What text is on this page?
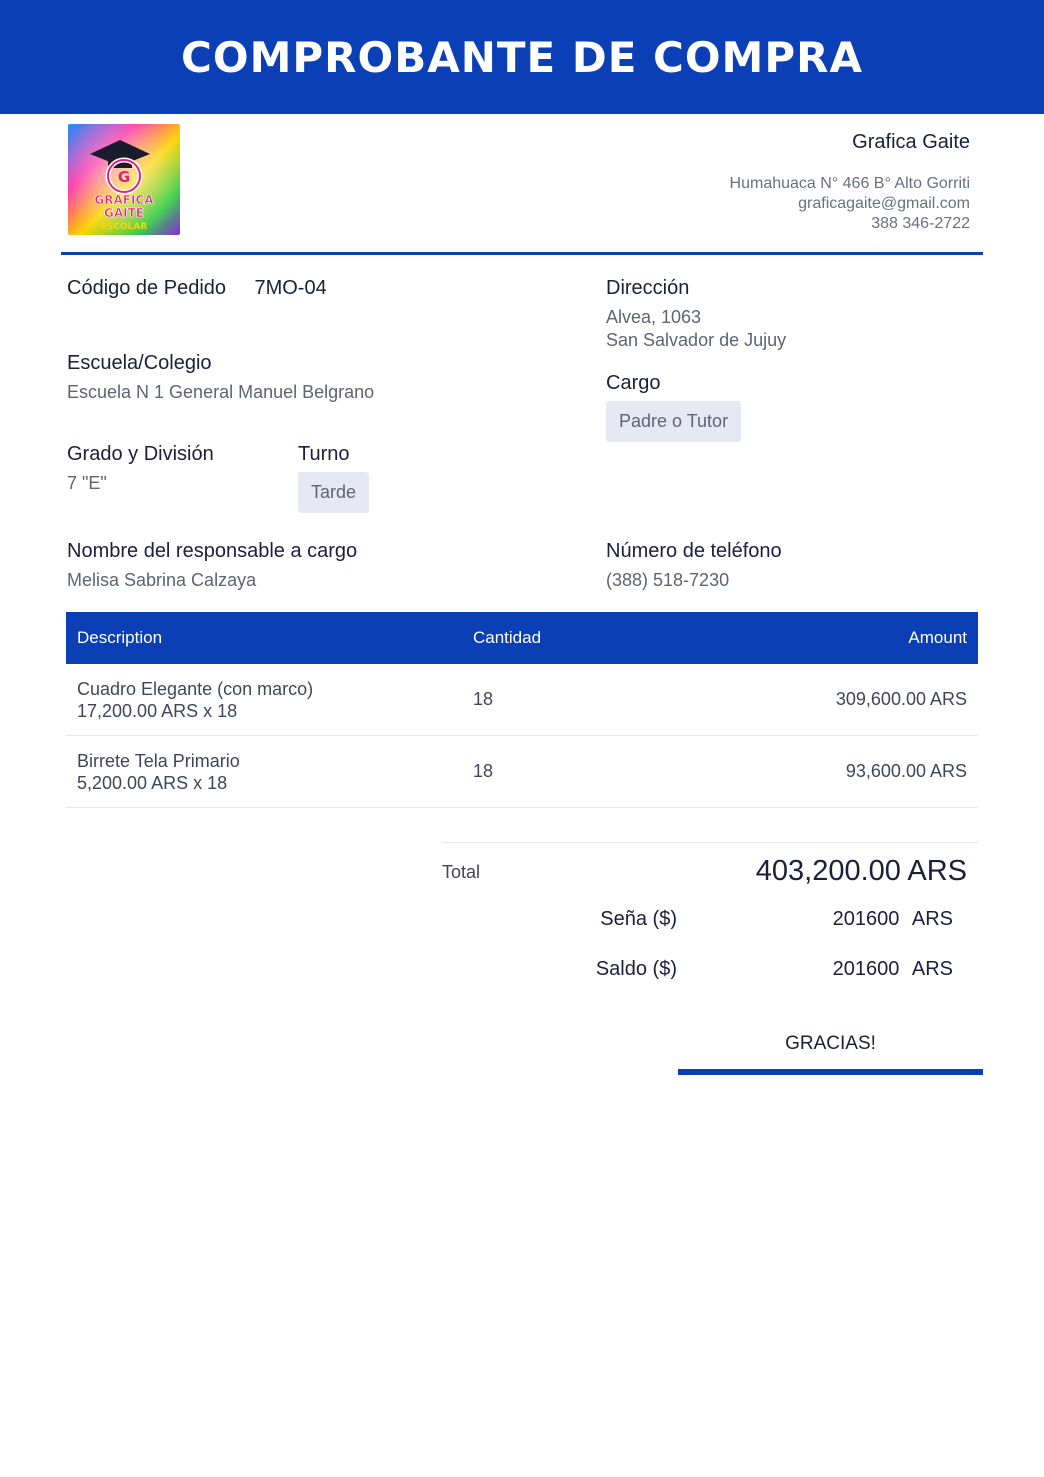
COMPROBANTE DE COMPRA
G
GRAFICA
GAITE
ESCOLAR
Grafica Gaite
Humahuaca N° 466 B° Alto Gorriti
graficagaite@gmail.com
388 346-2722
Código de Pedido 7MO-04
Escuela/Colegio
Escuela N 1 General Manuel Belgrano
Grado y División
7 "E"
Turno
Tarde
Nombre del responsable a cargo
Melisa Sabrina Calzaya
Dirección
Alvea, 1063
San Salvador de Jujuy
Cargo
Padre o Tutor
Número de teléfono
(388) 518-7230
Description	Cantidad	Amount
Cuadro Elegante (con marco)
17,200.00 ARS x 18
18	309,600.00 ARS
Birrete Tela Primario
5,200.00 ARS x 18
18	93,600.00 ARS
Total	403,200.00 ARS
Seña ($)	201600 ARS
Saldo ($)	201600 ARS
GRACIAS!
